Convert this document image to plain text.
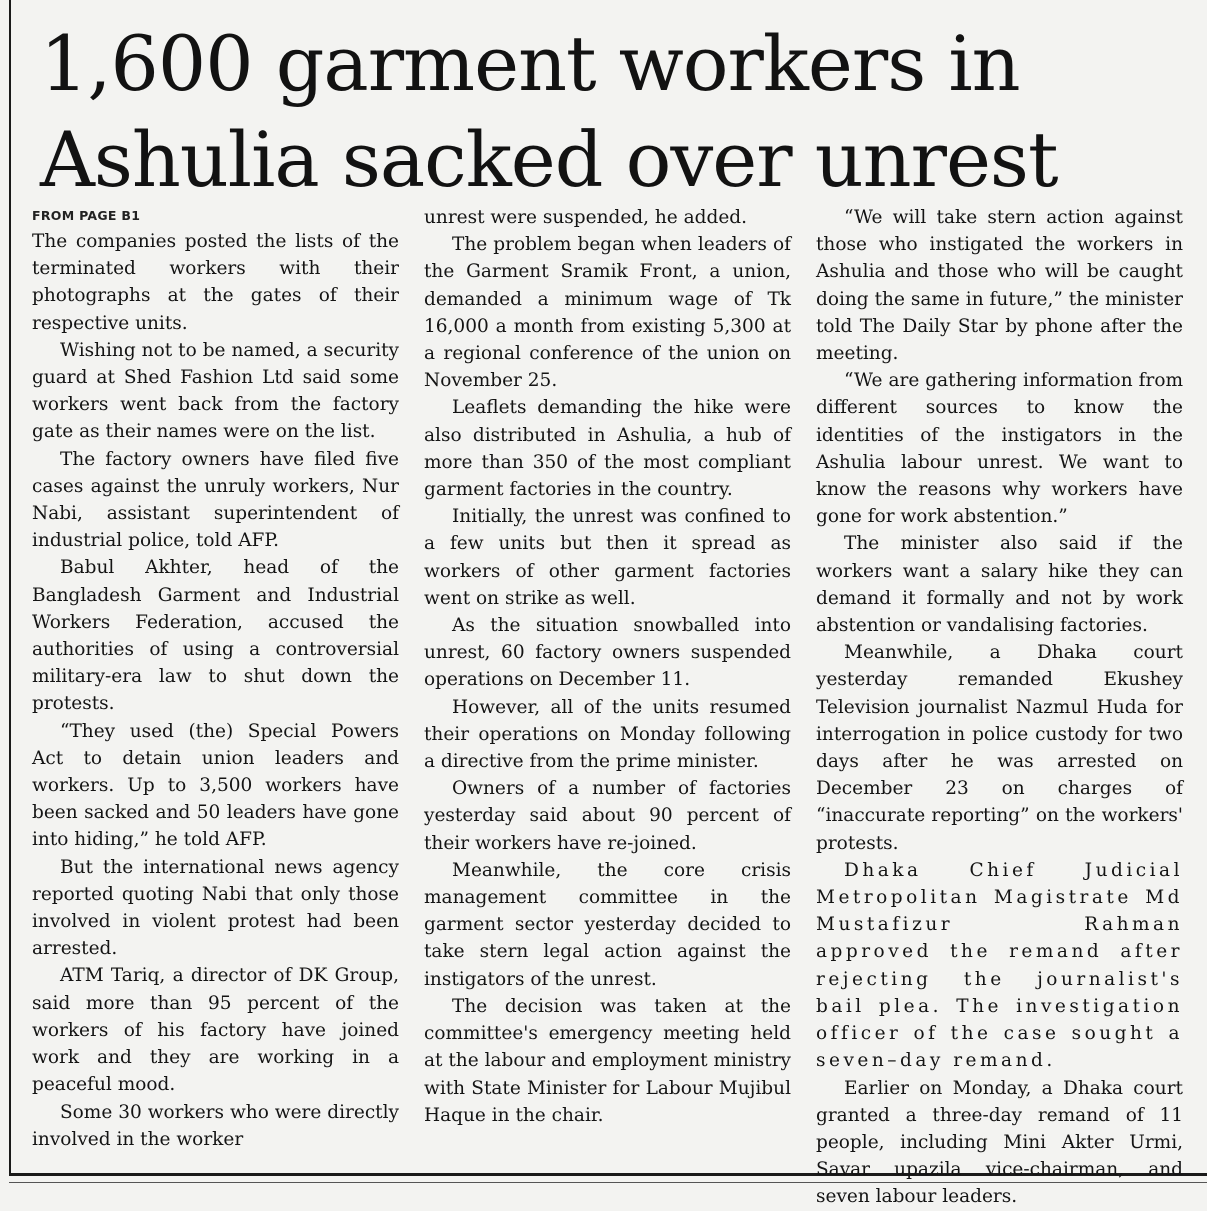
1,600 garment workers in
Ashulia sacked over unrest
FROM PAGE B1

The companies posted the lists of the terminated workers with their photographs at the gates of their respective units.

Wishing not to be named, a security guard at Shed Fashion Ltd said some workers went back from the factory gate as their names were on the list.

The factory owners have filed five cases against the unruly workers, Nur Nabi, assistant superintendent of industrial police, told AFP.

Babul Akhter, head of the Bangladesh Garment and Industrial Workers Federation, accused the authorities of using a controversial military-era law to shut down the protests.

“They used (the) Special Powers Act to detain union leaders and workers. Up to 3,500 workers have been sacked and 50 leaders have gone into hiding,” he told AFP.

But the international news agency reported quoting Nabi that only those involved in violent protest had been arrested.

ATM Tariq, a director of DK Group, said more than 95 percent of the workers of his factory have joined work and they are working in a peaceful mood.

Some 30 workers who were directly involved in the worker

unrest were suspended, he added.

The problem began when leaders of the Garment Sramik Front, a union, demanded a minimum wage of Tk 16,000 a month from existing 5,300 at a regional conference of the union on November 25.

Leaflets demanding the hike were also distributed in Ashulia, a hub of more than 350 of the most compliant garment factories in the country.

Initially, the unrest was confined to a few units but then it spread as workers of other garment factories went on strike as well.

As the situation snowballed into unrest, 60 factory owners suspended operations on December 11.

However, all of the units resumed their operations on Monday following a directive from the prime minister.

Owners of a number of factories yesterday said about 90 percent of their workers have re-joined.

Meanwhile, the core crisis management committee in the garment sector yesterday decided to take stern legal action against the instigators of the unrest.

The decision was taken at the committee's emergency meeting held at the labour and employment ministry with State Minister for Labour Mujibul Haque in the chair.

“We will take stern action against those who instigated the workers in Ashulia and those who will be caught doing the same in future,” the minister told The Daily Star by phone after the meeting.

“We are gathering information from different sources to know the identities of the instigators in the Ashulia labour unrest. We want to know the reasons why workers have gone for work abstention.”

The minister also said if the workers want a salary hike they can demand it formally and not by work abstention or vandalising factories.

Meanwhile, a Dhaka court yesterday remanded Ekushey Television journalist Nazmul Huda for interrogation in police custody for two days after he was arrested on December 23 on charges of “inaccurate reporting” on the workers' protests.

Dhaka Chief Judicial Metropolitan Magistrate Md Mustafizur Rahman approved the remand after rejecting the journalist's bail plea. The investigation officer of the case sought a seven–day remand.

Earlier on Monday, a Dhaka court granted a three-day remand of 11 people, including Mini Akter Urmi, Savar upazila vice-chairman, and seven labour leaders.
